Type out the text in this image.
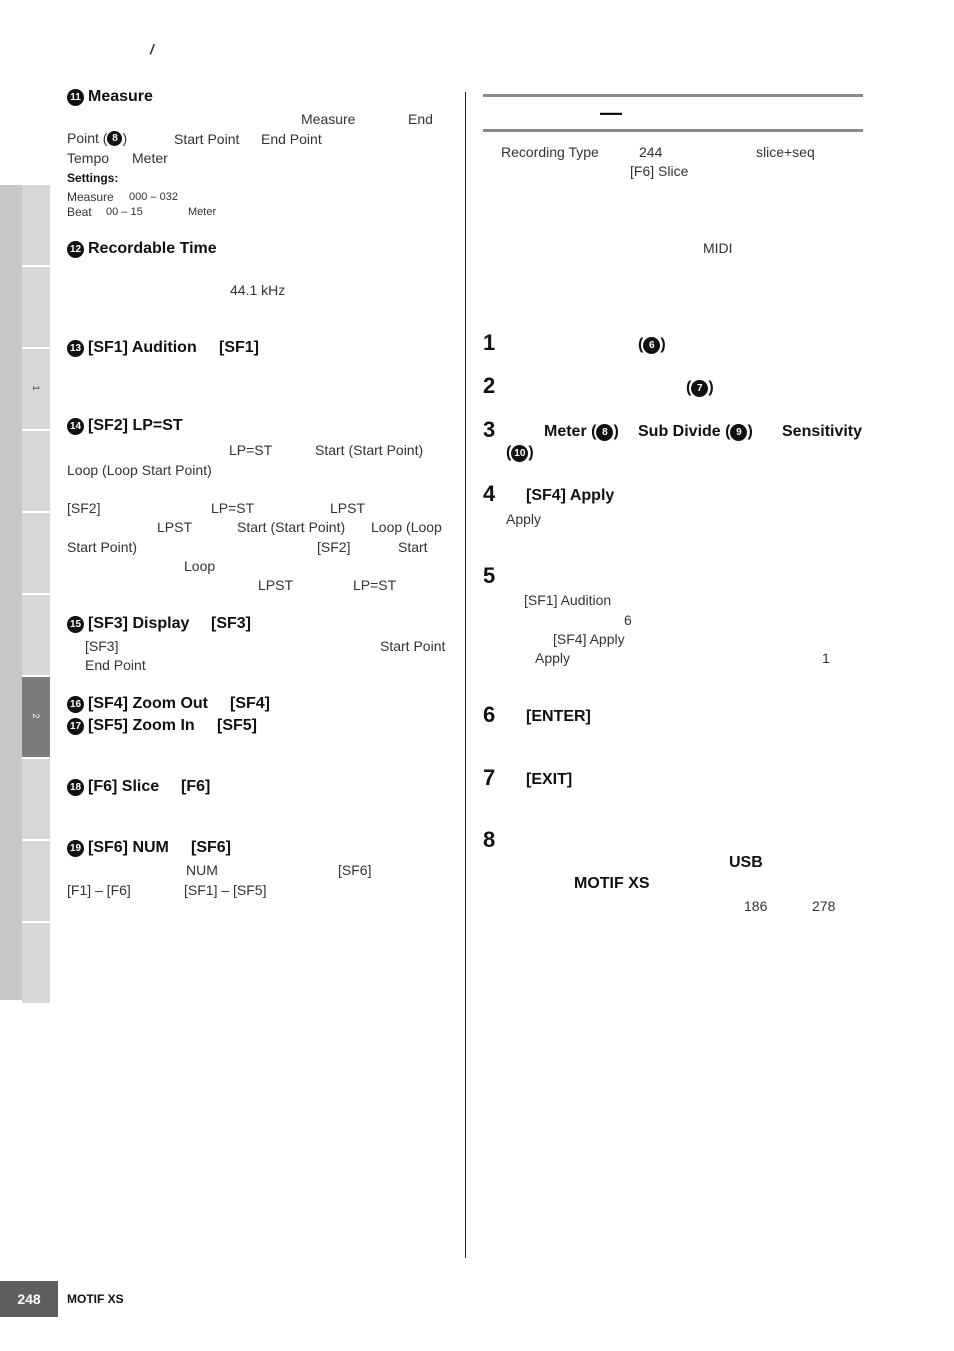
/
1
2
11 Measure
Measure	End
Point ( 8 )	Start Point End Point
Tempo Meter
Settings:
Measure 000 – 032
Beat 00 – 15	Meter
12 Recordable Time
44.1 kHz
13 [SF1] Audition [SF1]
14 [SF2] LP=ST
LP=ST	Start (Start Point)
Loop (Loop Start Point)
[SF2]	LP=ST	LPST
LPST	Start (Start Point) Loop (Loop
Start Point)	[SF2]	Start
Loop
LPST	LP=ST
15 [SF3] Display [SF3]
[SF3]	Start Point
End Point
16 [SF4] Zoom Out [SF4]
17 [SF5] Zoom In [SF5]
18 [F6] Slice [F6]
19 [SF6] NUM [SF6]
NUM	[SF6]
[F1] – [F6]	[SF1] – [SF5]
—
Recording Type	244	slice+seq
[F6] Slice
MIDI
1	( 6 )
2	( 7 )
3	Meter ( 8 ) Sub Divide ( 9 ) Sensitivity
( 10 )
4 [SF4] Apply
Apply
5
[SF1] Audition
6
[SF4] Apply
Apply	1
6 [ENTER]
7 [EXIT]
8
USB
MOTIF XS
186	278
248 MOTIF XS
